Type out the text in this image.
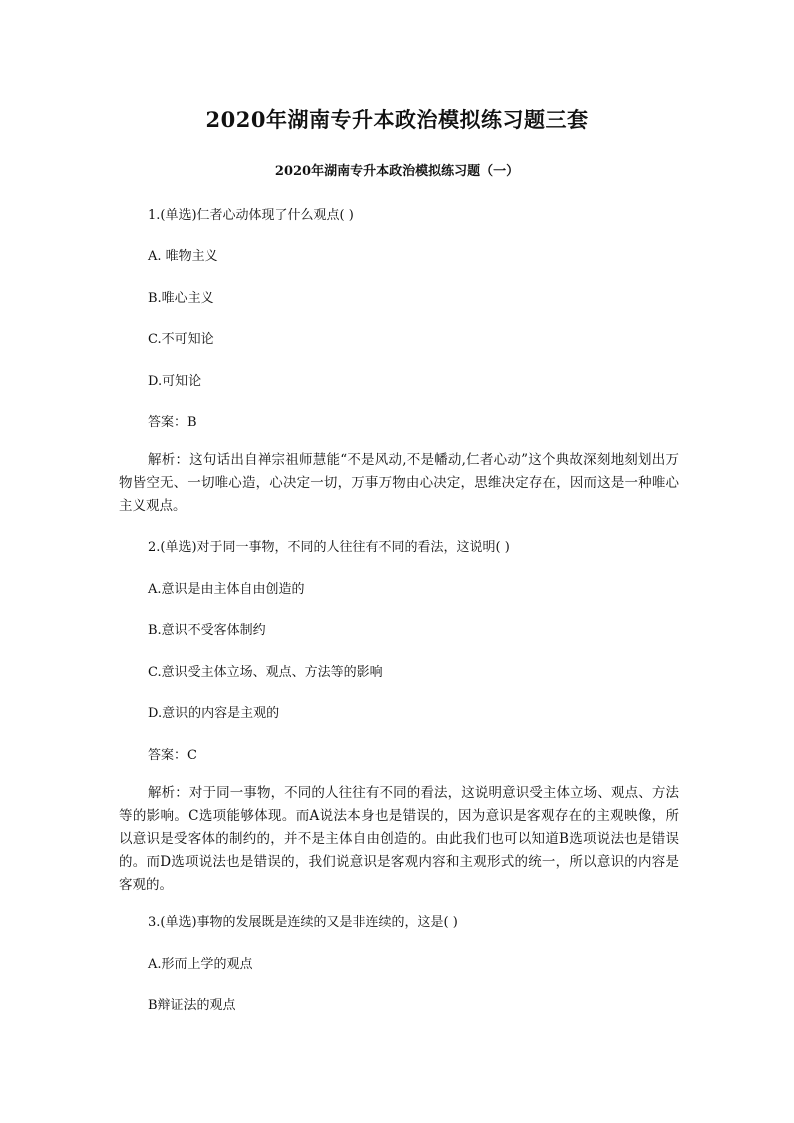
2020年湖南专升本政治模拟练习题三套
2020年湖南专升本政治模拟练习题（一）
1.(单选)仁者心动体现了什么观点( )
A. 唯物主义
B.唯心主义
C.不可知论
D.可知论
答案：B
解析：这句话出自禅宗祖师慧能“不是风动,不是幡动,仁者心动”这个典故深刻地刻划出万物皆空无、一切唯心造，心决定一切，万事万物由心决定，思维决定存在，因而这是一种唯心主义观点。
2.(单选)对于同一事物，不同的人往往有不同的看法，这说明( )
A.意识是由主体自由创造的
B.意识不受客体制约
C.意识受主体立场、观点、方法等的影响
D.意识的内容是主观的
答案：C
解析：对于同一事物，不同的人往往有不同的看法，这说明意识受主体立场、观点、方法等的影响。C选项能够体现。而A说法本身也是错误的，因为意识是客观存在的主观映像，所以意识是受客体的制约的，并不是主体自由创造的。由此我们也可以知道B选项说法也是错误的。而D选项说法也是错误的，我们说意识是客观内容和主观形式的统一，所以意识的内容是客观的。
3.(单选)事物的发展既是连续的又是非连续的，这是( )
A.形而上学的观点
B辩证法的观点
